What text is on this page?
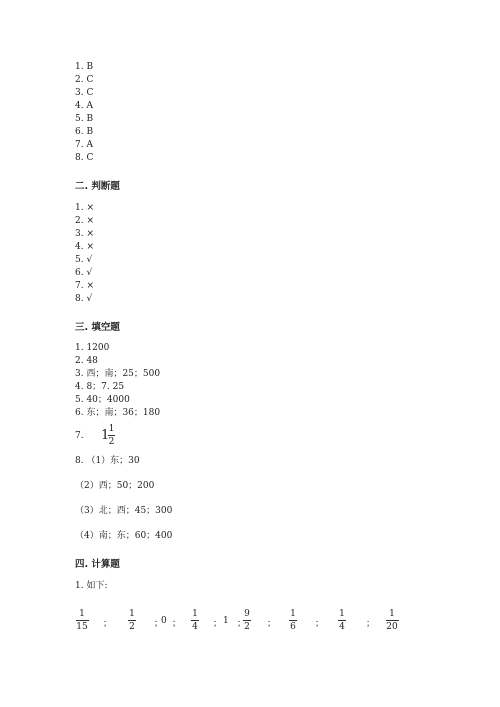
1. B
2. C
3. C
4. A
5. B
6. B
7. A
8. C
二. 判断题
1. ×
2. ×
3. ×
4. ×
5. √
6. √
7. ×
8. √
三. 填空题
1. 1200
2. 48
3. 西；南；25；500
4. 8；7. 25
5. 40；4000
6. 东；南；36；180
7. 1 1
2
8. （1）东；30
（2）西；50；200
（3）北；西；45；300
（4）南；东；60；400
四. 计算题
1. 如下:
1
15
1
2
0
1
4
1
9
2
1
6
1
4
1
20
；	； ；	； ； ；	；	；
